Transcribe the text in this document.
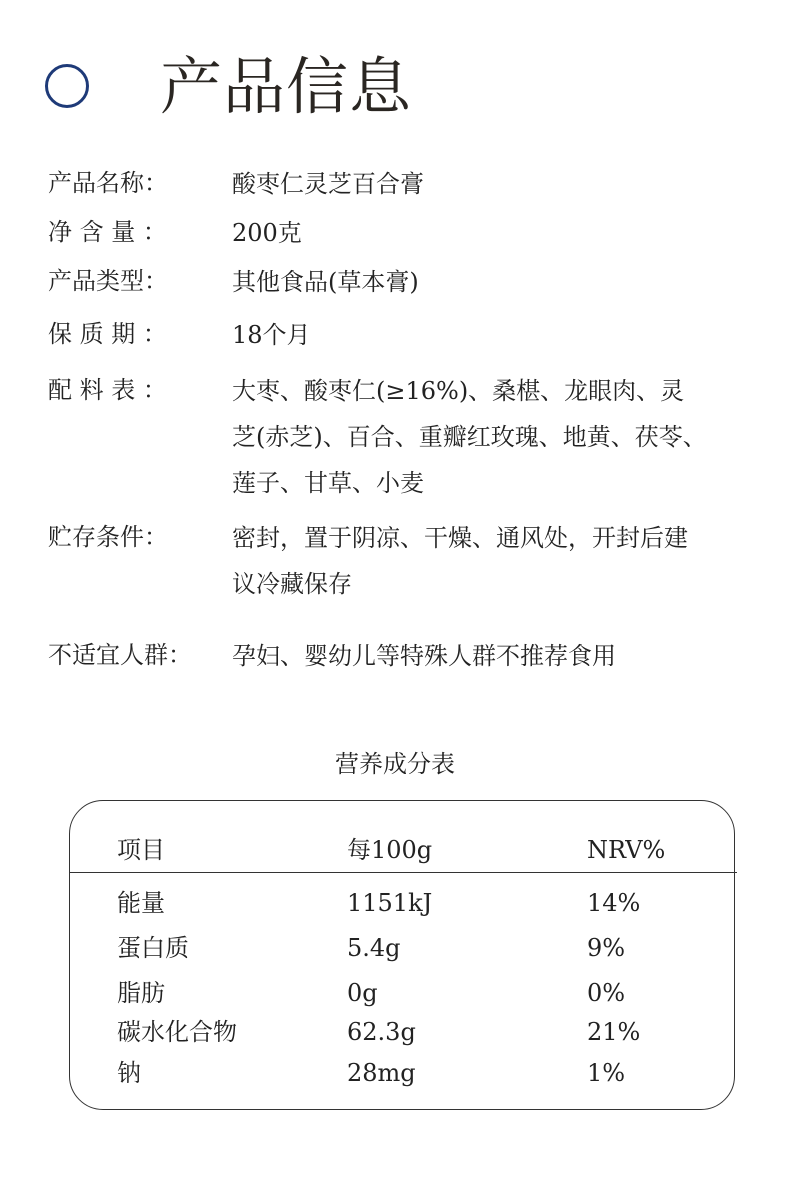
产品信息
产品名称：	酸枣仁灵芝百合膏
净 含 量 ：	200克
产品类型：	其他食品(草本膏)
保 质 期 ：	18个月
配 料 表 ：	大枣、酸枣仁(≥16%)、桑椹、龙眼肉、灵芝(赤芝)、百合、重瓣红玫瑰、地黄、茯苓、莲子、甘草、小麦
贮存条件：	密封，置于阴凉、干燥、通风处，开封后建议冷藏保存
不适宜人群： 孕妇、婴幼儿等特殊人群不推荐食用
营养成分表
项目	每100g	NRV%
能量	1151kJ	14%
蛋白质	5.4g	9%
脂肪	0g	0%
碳水化合物	62.3g	21%
钠	28mg	1%
